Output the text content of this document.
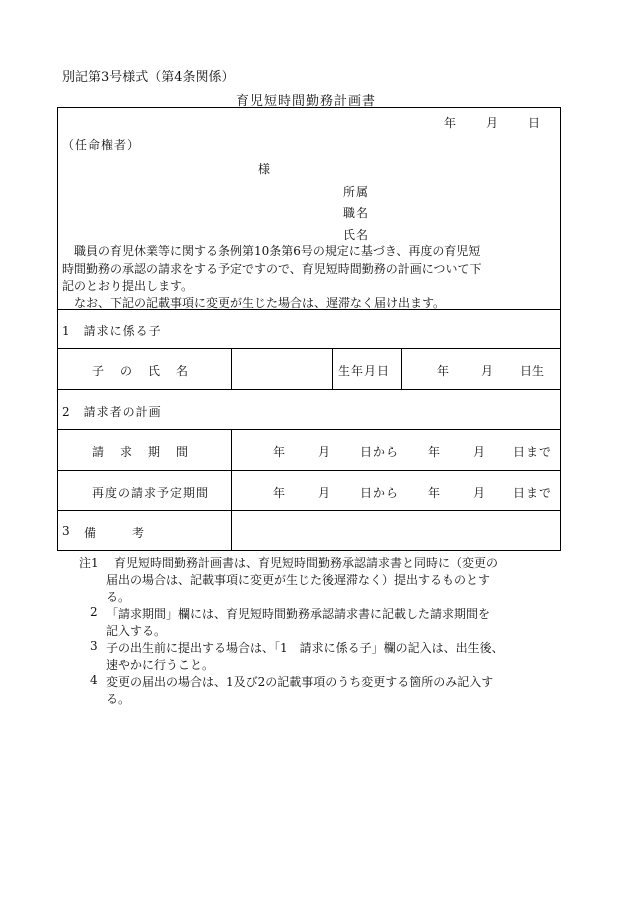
別記第3号様式（第4条関係）
育児短時間勤務計画書
年 月 日
（任命権者）
様
所属
職名
氏名
職員の育児休業等に関する条例第10条第6号の規定に基づき、再度の育児短
時間勤務の承認の請求をする予定ですので、育児短時間勤務の計画について下
記のとおり提出します。
なお、下記の記載事項に変更が生じた場合は、遅滞なく届け出ます。
1　請求に係る子
子　の　氏　名	生年月日	年	月 日生
2　請求者の計画
請　求　期　間	年	月 日から 年	月 日まで
再度の請求予定期間	年	月 日から 年	月 日まで
3 備　　考
注1 育児短時間勤務計画書は、育児短時間勤務承認請求書と同時に（変更の
届出の場合は、記載事項に変更が生じた後遅滞なく）提出するものとす
る。
2 「請求期間」欄には、育児短時間勤務承認請求書に記載した請求期間を
記入する。
3 子の出生前に提出する場合は、「1　請求に係る子」欄の記入は、出生後、
速やかに行うこと。
4 変更の届出の場合は、1及び2の記載事項のうち変更する箇所のみ記入す
る。
